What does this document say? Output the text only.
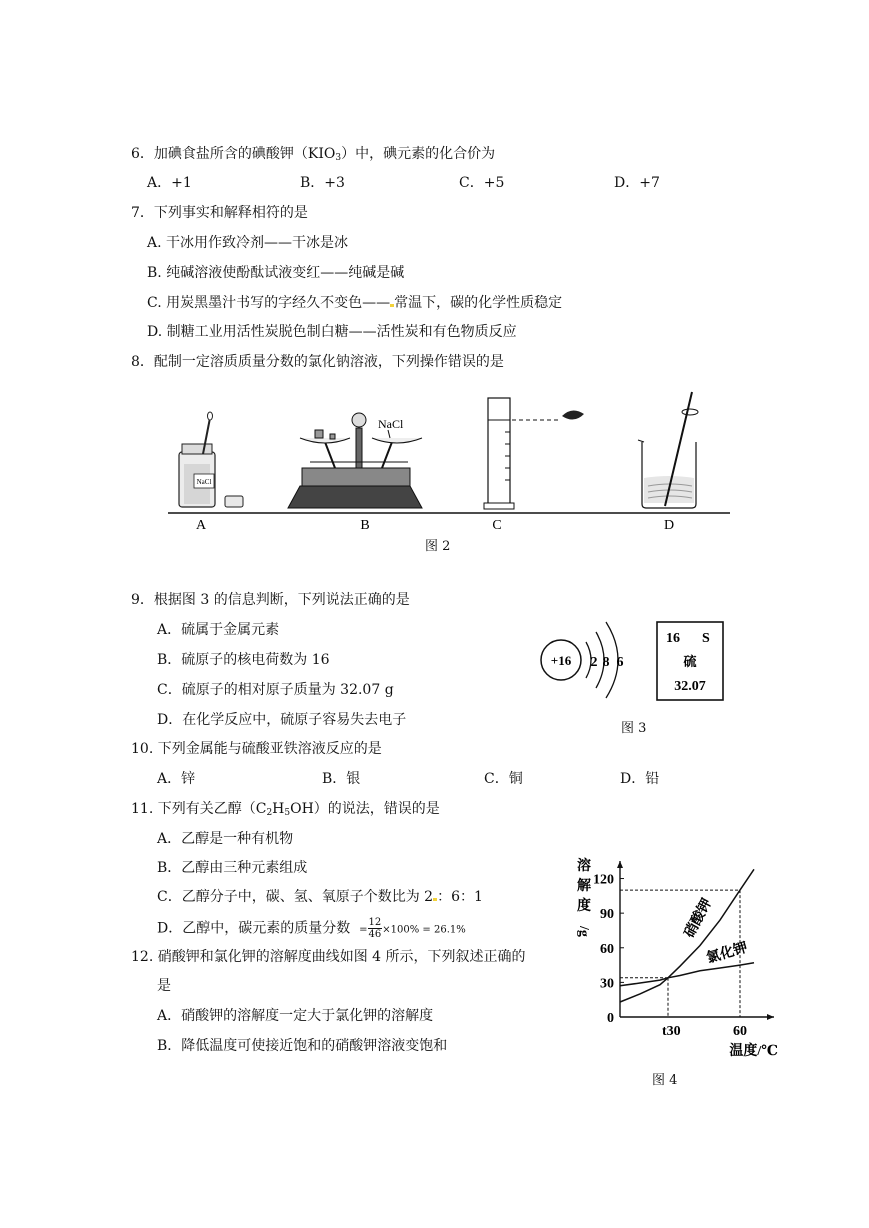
6．加碘食盐所含的碘酸钾$(KIO_3)$中，碘元素的化合价为
A．+1	B．+3	C．+5	D．+7
7．下列事实和解释相符的是
A. 干冰用作致冷剂——干冰是冰
B. 纯碱溶液使酚酞试液变红——纯碱是碱
C. 用炭黑墨汁书写的字经久不变色—— 常温下，碳的化学性质稳定
D. 制糖工业用活性炭脱色制白糖——活性炭和有色物质反应
8．配制一定溶质质量分数的氯化钠溶液，下列操作错误的是
NaCl
NaCl
A	B	C	D
图 2
9．根据图 3 的信息判断，下列说法正确的是
A．硫属于金属元素
B．硫原子的核电荷数为 16
C．硫原子的相对原子质量为 32.07 g
D．在化学反应中，硫原子容易失去电子
+16 2 8 6
16 S
硫
32.07
图 3
10. 下列金属能与硫酸亚铁溶液反应的是
A．锌	B．银	C．铜	D．铅
11. 下列有关乙醇$(C_2H_5OH)$的说法，错误的是
A．乙醇是一种有机物
B．乙醇由三种元素组成
C．乙醇分子中，碳、氢、氧原子个数比为 2 ：6：1
D．乙醇中，碳元素的质量分数 = $\frac{12}{46} \times 100\% = 26.1\%$
12. 硝酸钾和氯化钾的溶解度曲线如图 4 所示，下列叙述正确的
是
A．硝酸钾的溶解度一定大于氯化钾的溶解度
B．降低温度可使接近饱和的硝酸钾溶液变饱和
0
30
60
90
120
t30	60
硝酸钾
氯化钾
溶
解
度
/g
温度/℃
图 4
